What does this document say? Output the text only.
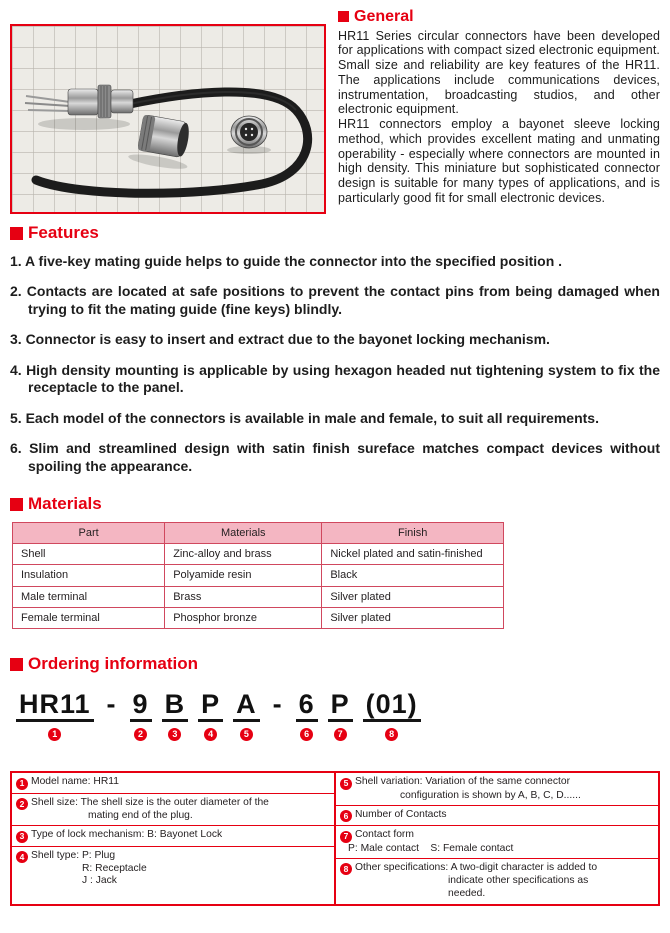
General

HR11 Series circular connectors have been developed for applications with compact sized electronic equipment. Small size and reliability are key features of the HR11. The applications include communications devices, instrumentation, broadcasting studios, and other electronic equipment.

HR11 connectors employ a bayonet sleeve locking method, which provides excellent mating and unmating operability - especially where connectors are mounted in high density. This miniature but sophisticated connector design is suitable for many types of applications, and is particularly good fit for small electronic devices.

Features
1. A five-key mating guide helps to guide the connector into the specified position .
2. Contacts are located at safe positions to prevent the contact pins from being damaged when trying to fit the mating guide (fine keys) blindly.
3. Connector is easy to insert and extract due to the bayonet locking mechanism.
4. High density mounting is applicable by using hexagon headed nut tightening system to fix the receptacle to the panel.
5. Each model of the connectors is available in male and female, to suit all requirements.
6. Slim and streamlined design with satin finish sureface matches compact devices without spoiling the appearance.
Materials
Part	Materials	Finish
Shell	Zinc-alloy and brass	Nickel plated and satin-finished
Insulation	Polyamide resin	Black
Male terminal	Brass	Silver plated
Female terminal	Phosphor bronze	Silver plated
Ordering information
HR11
1
- 9
2
B
3
P
4
A
5
- 6
6
P
7
(01)
8
1 Model name: HR11
2 Shell size: The shell size is the outer diameter of the
mating end of the plug.
3 Type of lock mechanism: B: Bayonet Lock
4 Shell type: P: Plug
R: Receptacle
J : Jack
5 Shell variation: Variation of the same connector
configuration is shown by A, B, C, D......
6 Number of Contacts
7 Contact form
P: Male contact    S: Female contact
8 Other specifications: A two-digit character is added to
indicate other specifications as
needed.
